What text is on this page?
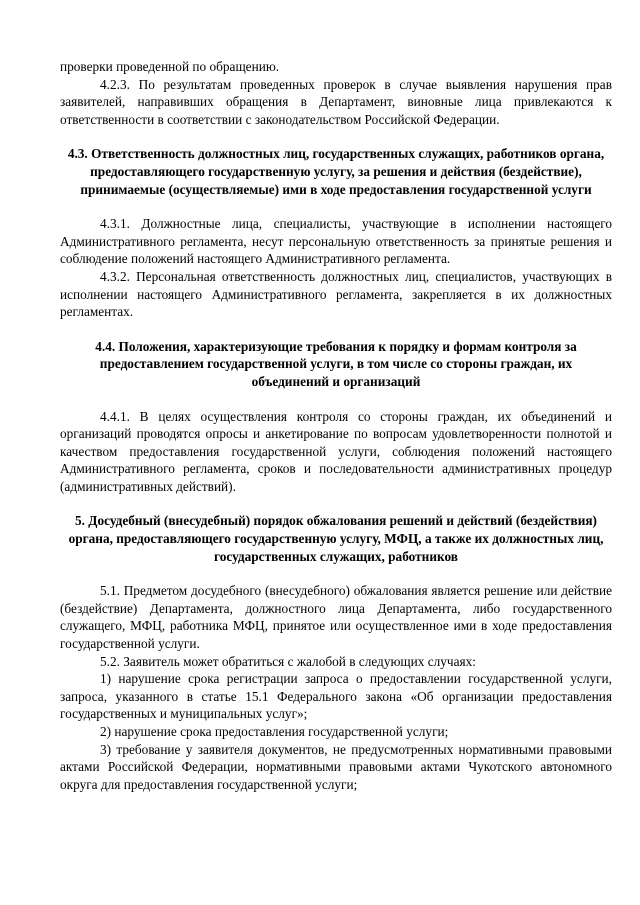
проверки проведенной по обращению.

4.2.3. По результатам проведенных проверок в случае выявления нарушения прав заявителей, направивших обращения в Департамент, виновные лица привлекаются к ответственности в соответствии с законодательством Российской Федерации.

4.3. Ответственность должностных лиц, государственных служащих, работников органа, предоставляющего государственную услугу, за решения и действия (бездействие), принимаемые (осуществляемые) ими в ходе предоставления государственной услуги

4.3.1. Должностные лица, специалисты, участвующие в исполнении настоящего Административного регламента, несут персональную ответственность за принятые решения и соблюдение положений настоящего Административного регламента.

4.3.2. Персональная ответственность должностных лиц, специалистов, участвующих в исполнении настоящего Административного регламента, закрепляется в их должностных регламентах.

4.4. Положения, характеризующие требования к порядку и формам контроля за предоставлением государственной услуги, в том числе со стороны граждан, их объединений и организаций

4.4.1. В целях осуществления контроля со стороны граждан, их объединений и организаций проводятся опросы и анкетирование по вопросам удовлетворенности полнотой и качеством предоставления государственной услуги, соблюдения положений настоящего Административного регламента, сроков и последовательности административных процедур (административных действий).

5. Досудебный (внесудебный) порядок обжалования решений и действий (бездействия) органа, предоставляющего государственную услугу, МФЦ, а также их должностных лиц, государственных служащих, работников

5.1. Предметом досудебного (внесудебного) обжалования является решение или действие (бездействие) Департамента, должностного лица Департамента, либо государственного служащего, МФЦ, работника МФЦ, принятое или осуществленное ими в ходе предоставления государственной услуги.

5.2. Заявитель может обратиться с жалобой в следующих случаях:

1) нарушение срока регистрации запроса о предоставлении государственной услуги, запроса, указанного в статье 15.1 Федерального закона «Об организации предоставления государственных и муниципальных услуг»;

2) нарушение срока предоставления государственной услуги;

3) требование у заявителя документов, не предусмотренных нормативными правовыми актами Российской Федерации, нормативными правовыми актами Чукотского автономного округа для предоставления государственной услуги;
